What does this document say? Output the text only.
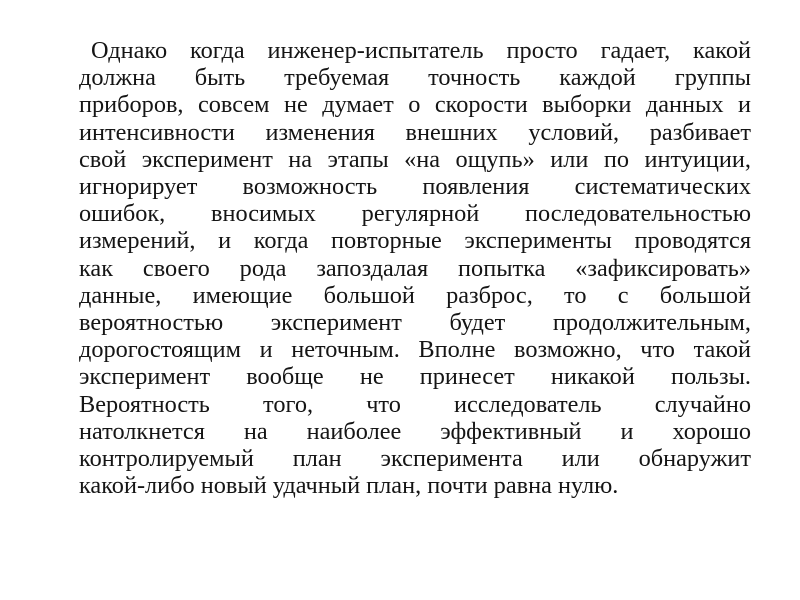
Однако когда инженер-испытатель просто гадает, какой
должна быть требуемая точность каждой группы
приборов, совсем не думает о скорости выборки данных и
интенсивности изменения внешних условий, разбивает
свой эксперимент на этапы «на ощупь» или по интуиции,
игнорирует возможность появления систематических
ошибок, вносимых регулярной последовательностью
измерений, и когда повторные эксперименты проводятся
как своего рода запоздалая попытка «зафиксировать»
данные, имеющие большой разброс, то с большой
вероятностью эксперимент будет продолжительным,
дорогостоящим и неточным. Вполне возможно, что такой
эксперимент вообще не принесет никакой пользы.
Вероятность того, что исследователь случайно
натолкнется на наиболее эффективный и хорошо
контролируемый план эксперимента или обнаружит
какой-либо новый удачный план, почти равна нулю.
